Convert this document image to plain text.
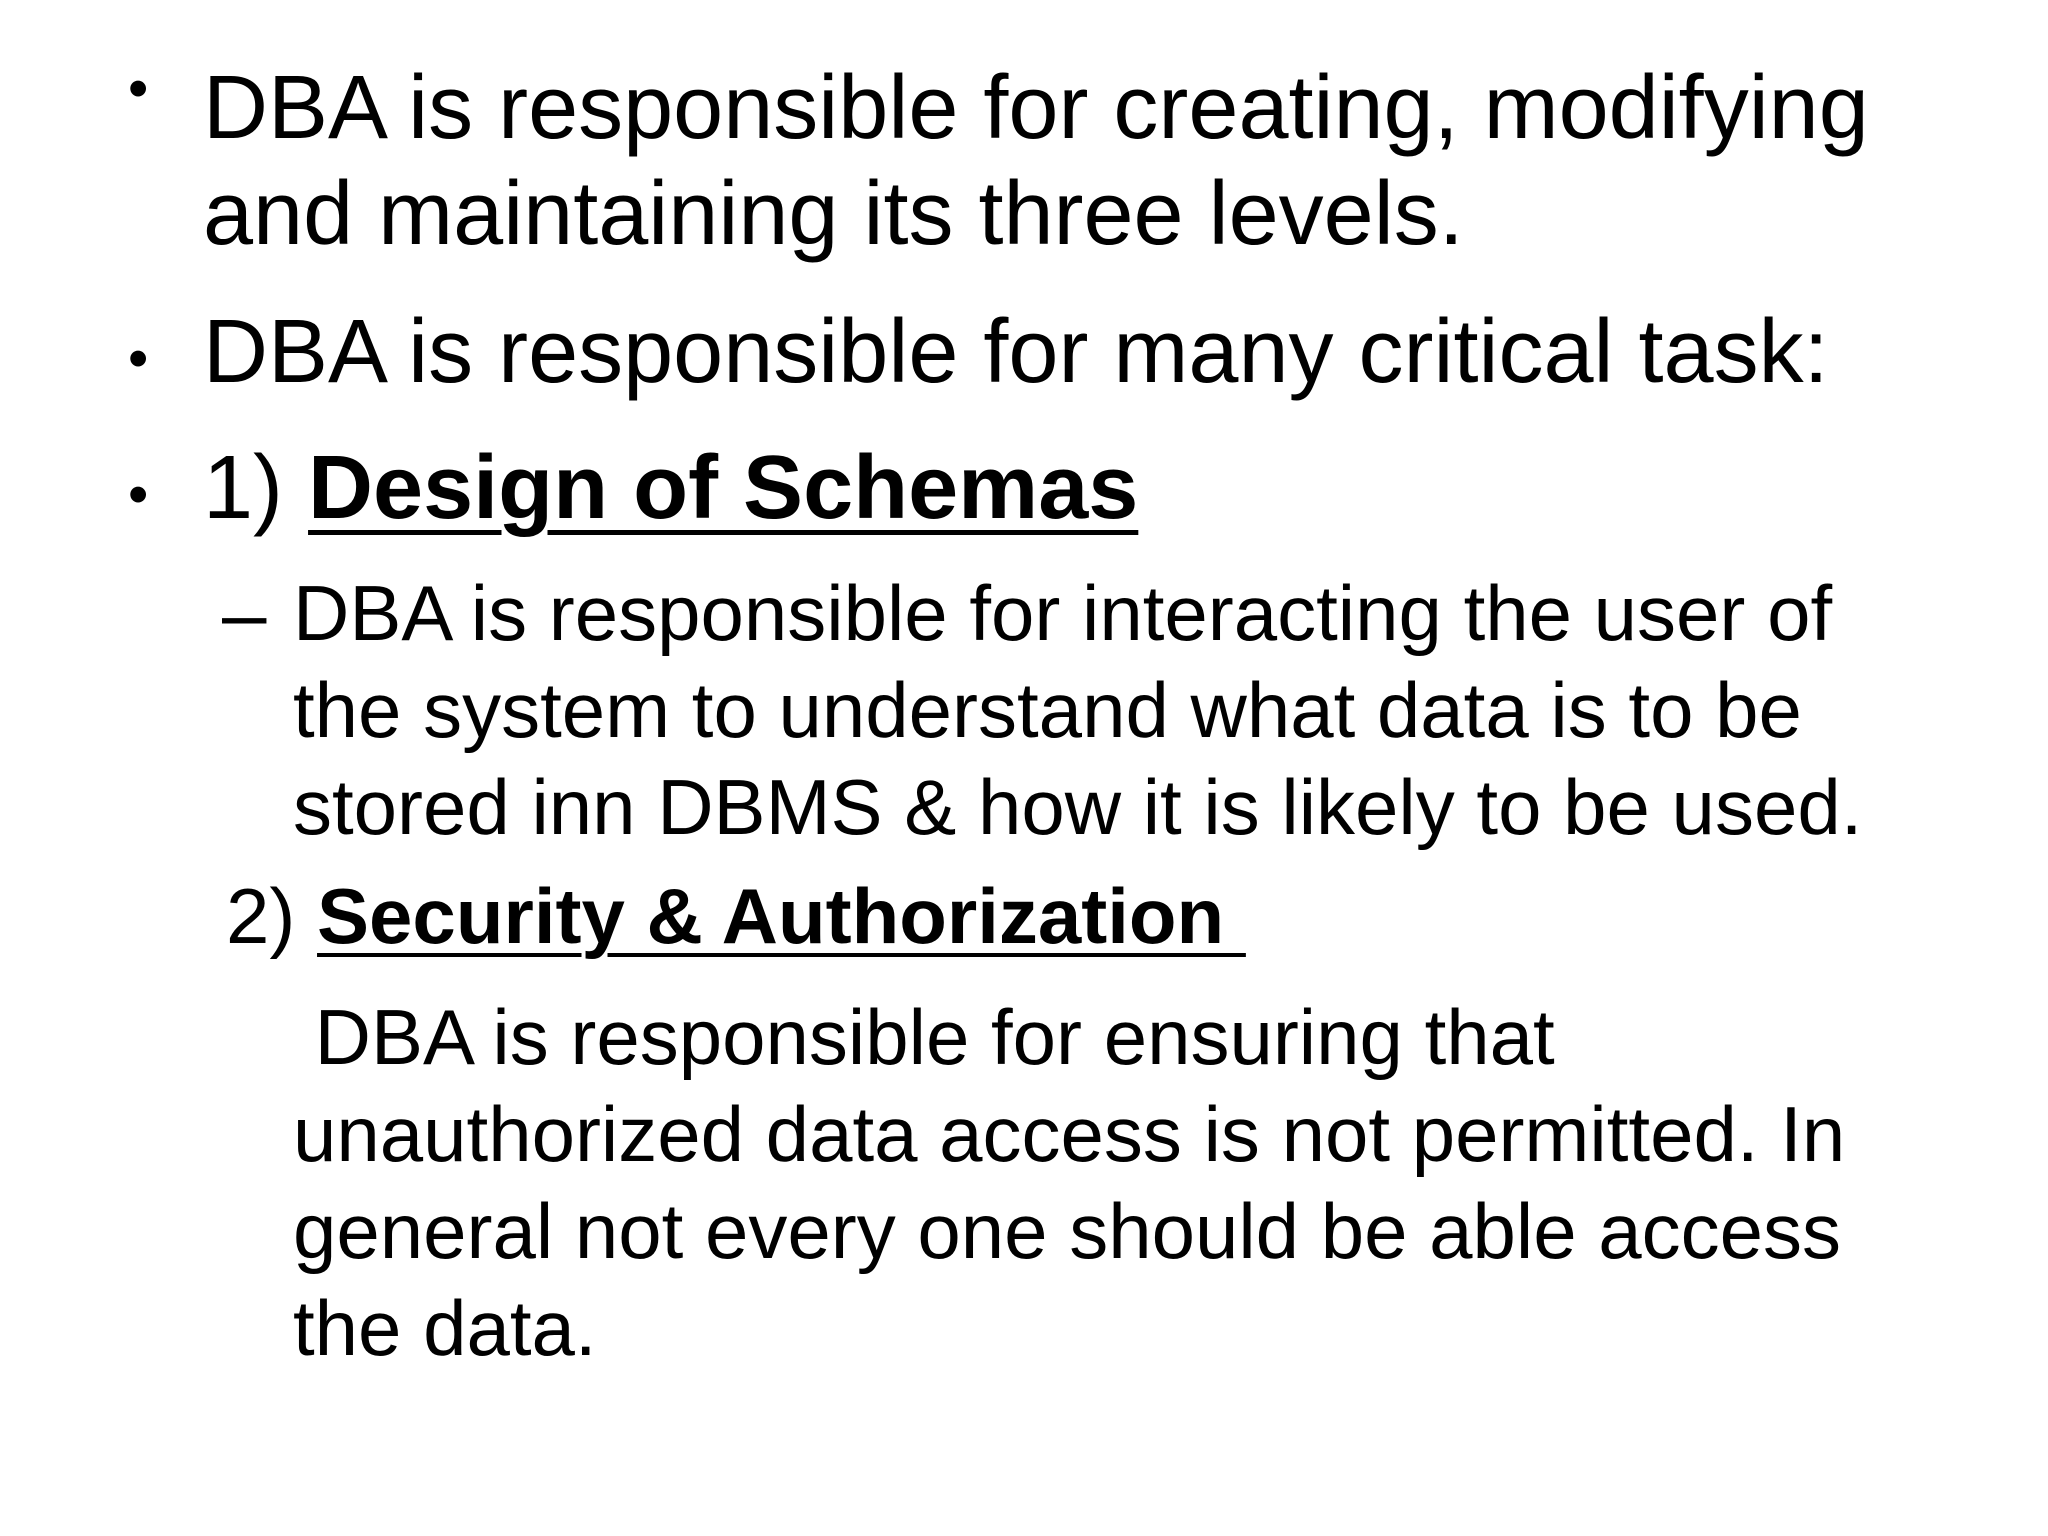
• DBA is responsible for creating, modifying
and maintaining its three levels.
• DBA is responsible for many critical task:
• 1) Design of Schemas
– DBA is responsible for interacting the user of
the system to understand what data is to be
stored inn DBMS & how it is likely to be used.
2) Security & Authorization
DBA is responsible for ensuring that
unauthorized data access is not permitted. In
general not every one should be able access
the data.
